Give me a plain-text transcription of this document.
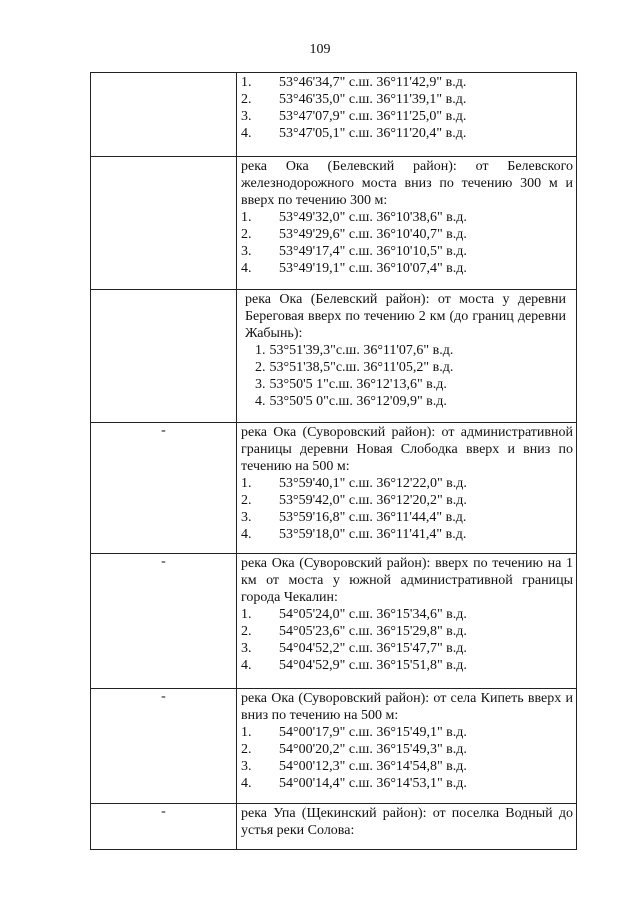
109

	1. 53°46'34,7" с.ш. 36°11'42,9" в.д.
2. 53°46'35,0" с.ш. 36°11'39,1" в.д.
3. 53°47'07,9" с.ш. 36°11'25,0" в.д.
4. 53°47'05,1" с.ш. 36°11'20,4" в.д.

	река Ока (Белевский район): от Белевского железнодорожного моста вниз по течению 300 м и вверх по течению 300 м:
1. 53°49'32,0" с.ш. 36°10'38,6" в.д.
2. 53°49'29,6" с.ш. 36°10'40,7" в.д.
3. 53°49'17,4" с.ш. 36°10'10,5" в.д.
4. 53°49'19,1" с.ш. 36°10'07,4" в.д.

	река Ока (Белевский район): от моста у деревни Береговая вверх по течению 2 км (до границ деревни Жабынь):
1. 53°51'39,3"с.ш. 36°11'07,6" в.д.
2. 53°51'38,5"с.ш. 36°11'05,2" в.д.
3. 53°50'5 1"с.ш. 36°12'13,6" в.д.
4. 53°50'5 0"с.ш. 36°12'09,9" в.д.

-	река Ока (Суворовский район): от административной границы деревни Новая Слободка вверх и вниз по течению на 500 м:
1. 53°59'40,1" с.ш. 36°12'22,0" в.д.
2. 53°59'42,0" с.ш. 36°12'20,2" в.д.
3. 53°59'16,8" с.ш. 36°11'44,4" в.д.
4. 53°59'18,0" с.ш. 36°11'41,4" в.д.

-	река Ока (Суворовский район): вверх по течению на 1 км от моста у южной административной границы города Чекалин:
1. 54°05'24,0" с.ш. 36°15'34,6" в.д.
2. 54°05'23,6" с.ш. 36°15'29,8" в.д.
3. 54°04'52,2" с.ш. 36°15'47,7" в.д.
4. 54°04'52,9" с.ш. 36°15'51,8" в.д.

-	река Ока (Суворовский район): от села Кипеть вверх и вниз по течению на 500 м:
1. 54°00'17,9" с.ш. 36°15'49,1" в.д.
2. 54°00'20,2" с.ш. 36°15'49,3" в.д.
3. 54°00'12,3" с.ш. 36°14'54,8" в.д.
4. 54°00'14,4" с.ш. 36°14'53,1" в.д.

-	река Упа (Щекинский район): от поселка Водный до устья реки Солова:
